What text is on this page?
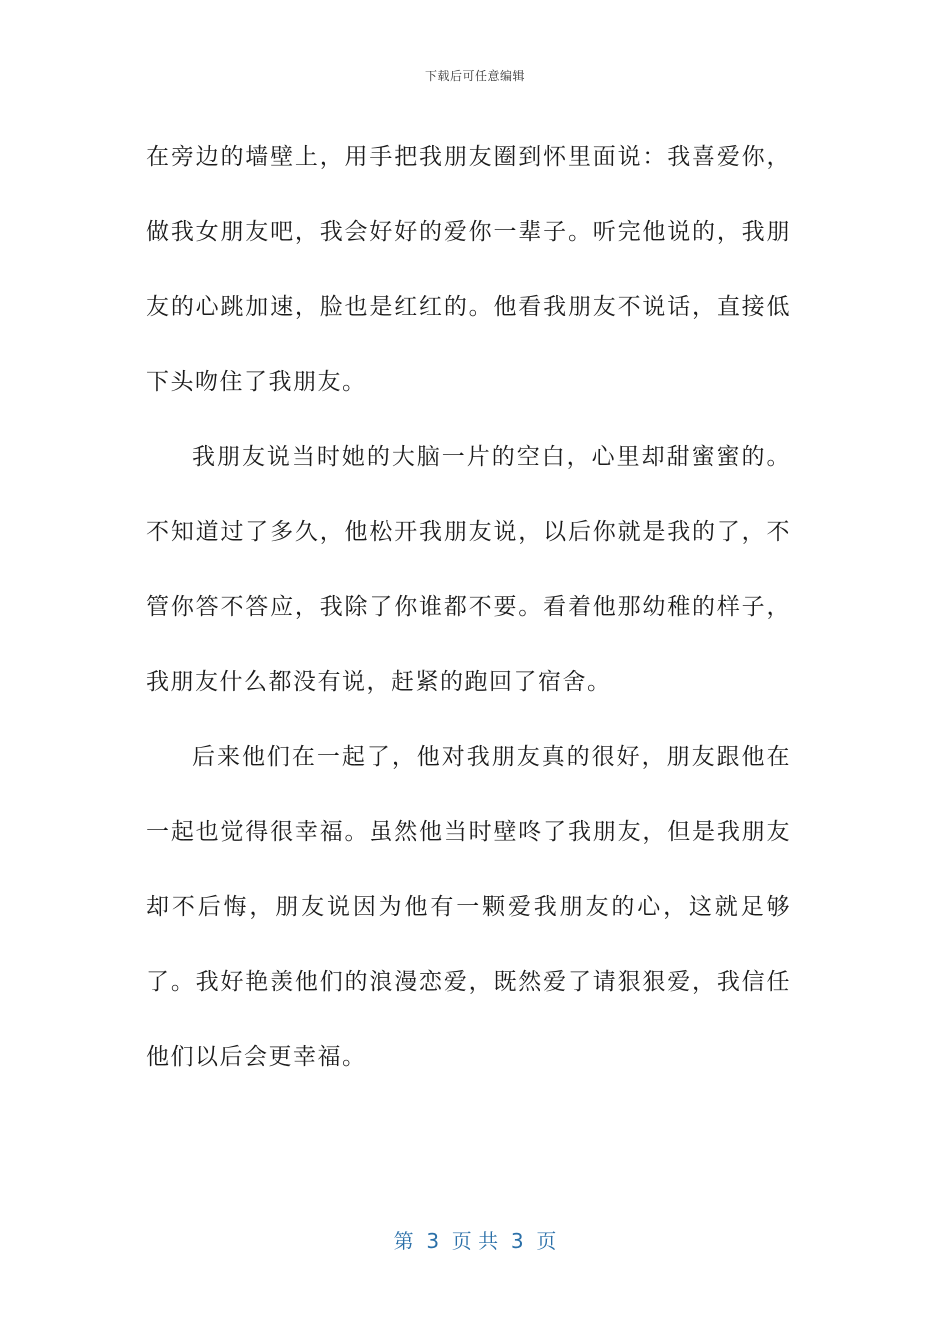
下载后可任意编辑

在旁边的墙壁上，用手把我朋友圈到怀里面说：我喜爱你，做我女朋友吧，我会好好的爱你一辈子。听完他说的，我朋友的心跳加速，脸也是红红的。他看我朋友不说话，直接低下头吻住了我朋友。

我朋友说当时她的大脑一片的空白，心里却甜蜜蜜的。不知道过了多久，他松开我朋友说，以后你就是我的了，不管你答不答应，我除了你谁都不要。看着他那幼稚的样子，我朋友什么都没有说，赶紧的跑回了宿舍。

后来他们在一起了，他对我朋友真的很好，朋友跟他在一起也觉得很幸福。虽然他当时壁咚了我朋友，但是我朋友却不后悔，朋友说因为他有一颗爱我朋友的心，这就足够了。我好艳羡他们的浪漫恋爱，既然爱了请狠狠爱，我信任他们以后会更幸福。

第  3  页 共  3  页
